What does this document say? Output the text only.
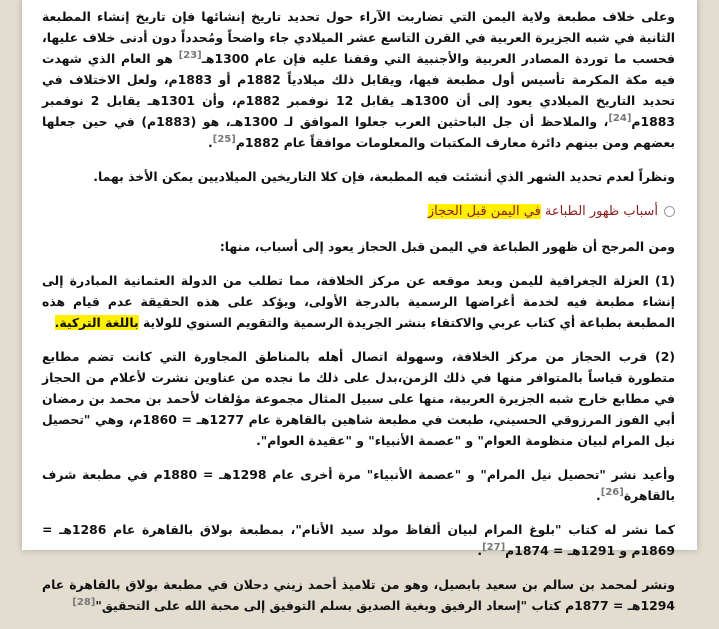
وعلى خلاف مطبعة ولاية اليمن التي تضاربت الآراء حول تحديد تاريخ إنشائها فإن تاريخ إنشاء المطبعة الثانية في شبه الجزيرة العربية في القرن التاسع عشر الميلادي جاء واضحاً ومُحدداً دون أدنى خلاف عليها، فحسب ما توردة المصادر العربية والأجنبية التي وقفنا عليه فإن عام 1300هـ[23] هو العام الذي شهدت فيه مكة المكرمة تأسيس أول مطبعة فيها، ويقابل ذلك ميلادياً 1882م أو 1883م، ولعل الاختلاف في تحديد التاريخ الميلادي يعود إلى أن 1300هـ يقابل 12 نوفمبر 1882م، وأن 1301هـ يقابل 2 نوفمبر 1883م[24]، والملاحظ أن جل الباحثين العرب جعلوا الموافق لـ 1300هـ، هو (1883م) في حين جعلها بعضهم ومن بينهم دائرة معارف المكتبات والمعلومات موافقاً عام 1882م[25].

ونظراً لعدم تحديد الشهر الذي أنشئت فيه المطبعة، فإن كلا التاريخين الميلاديين يمكن الأخذ بهما.

أسباب ظهور الطباعة في اليمن قبل الحجاز

ومن المرجح أن ظهور الطباعة في اليمن قبل الحجاز يعود إلى أسباب، منها:

(1) العزلة الجغرافية لليمن وبعد موقعه عن مركز الخلافة، مما تطلب من الدولة العثمانية المبادرة إلى إنشاء مطبعة فيه لخدمة أغراضها الرسمية بالدرجة الأولى، ويؤكد على هذه الحقيقة عدم قيام هذه المطبعة بطباعة أي كتاب عربي والاكتفاء بنشر الجريدة الرسمية والتقويم السنوي للولاية باللغة التركية.

(2) قرب الحجاز من مركز الخلافة، وسهولة اتصال أهله بالمناطق المجاورة التي كانت تضم مطابع متطورة قياساً بالمتوافر منها في ذلك الزمن،بدل على ذلك ما نجده من عناوين نشرت لأعلام من الحجاز في مطابع خارج شبه الجزيرة العربية، منها على سبيل المثال مجموعة مؤلفات لأحمد بن محمد بن رمضان أبي الفوز المرزوقي الحسيني، طبعت في مطبعة شاهين بالقاهرة عام 1277هـ = 1860م، وهي "تحصيل نيل المرام لبيان منظومة العوام" و "عصمة الأنبياء" و "عقيدة العوام".

وأعيد نشر "تحصيل نيل المرام" و "عصمة الأنبياء" مرة أخرى عام 1298هـ = 1880م في مطبعة شرف بالقاهرة[26].

كما نشر له كتاب "بلوغ المرام لبيان ألفاظ مولد سيد الأنام"، بمطبعة بولاق بالقاهرة عام 1286هـ = 1869م و 1291هـ = 1874م[27].

ونشر لمحمد بن سالم بن سعيد بابصيل، وهو من تلاميذ أحمد زيني دحلان في مطبعة بولاق بالقاهرة عام 1294هـ = 1877م كتاب "إسعاد الرفيق وبغية الصديق بسلم التوفيق إلى محبة الله على التحقيق"[28]
